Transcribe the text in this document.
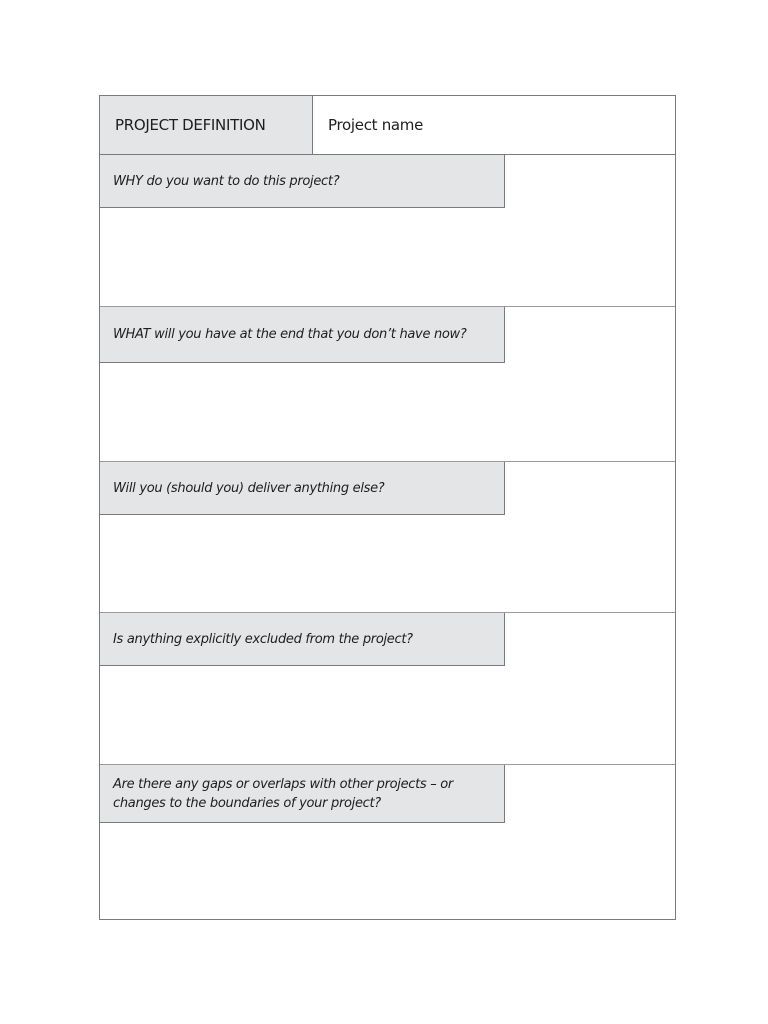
PROJECT DEFINITION	Project name
WHY do you want to do this project?
WHAT will you have at the end that you don’t have now?
Will you (should you) deliver anything else?
Is anything explicitly excluded from the project?
Are there any gaps or overlaps with other projects – or changes to the boundaries of your project?
